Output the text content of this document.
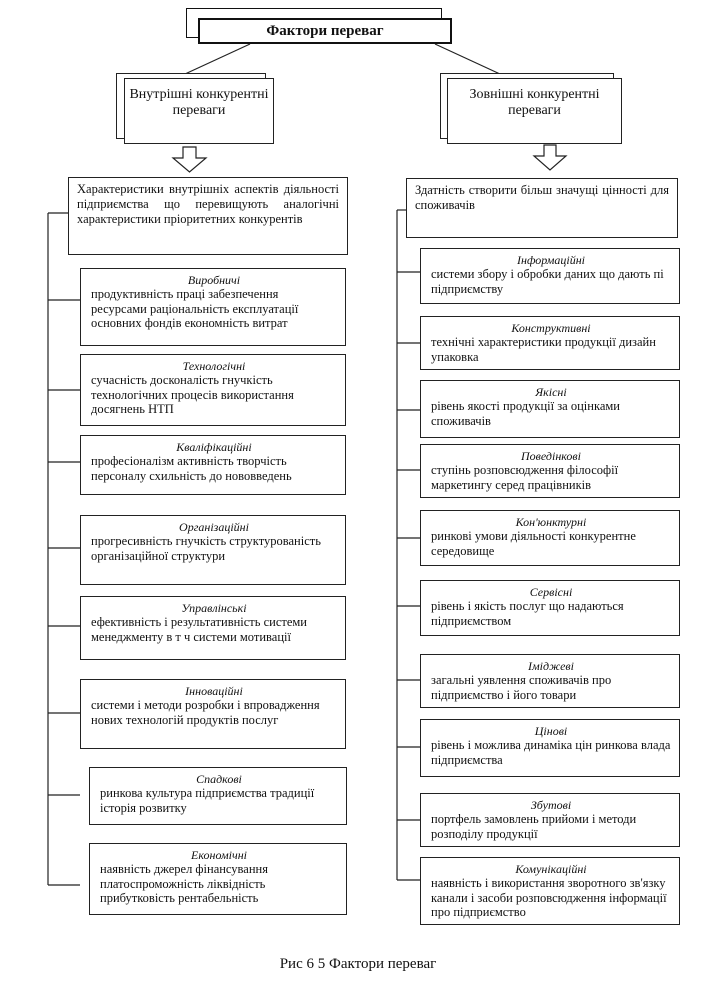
Фактори переваг
Внутрішні конкурентні переваги
Зовнішні конкурентні переваги
Характеристики внутрішніх аспектів діяльності підприємства що перевищують аналогічні характеристики пріоритетних конкурентів
Здатність створити більш значущі цінності для споживачів
Виробничі
продуктивність праці забезпечення ресурсами раціональність експлуатації основних фондів економність витрат
Технологічні
сучасність досконалість гнучкість технологічних процесів використання досягнень НТП
Кваліфікаційні
професіоналізм активність творчість персоналу схильність до нововведень
Організаційні
прогресивність гнучкість структурованість організаційної структури
Управлінські
ефективність і результативність системи менеджменту в т ч системи мотивації
Інноваційні
системи і методи розробки і впровадження нових технологій продуктів послуг
Спадкові
ринкова культура підприємства традиції історія розвитку
Економічні
наявність джерел фінансування платоспроможність ліквідність прибутковість рентабельність
Інформаційні
системи збору і обробки даних що дають пі підприємству
Конструктивні
технічні характеристики продукції дизайн упаковка
Якісні
рівень якості продукції за оцінками споживачів
Поведінкові
ступінь розповсюдження філософії маркетингу серед працівників
Кон'юнктурні
ринкові умови діяльності конкурентне середовище
Сервісні
рівень і якість послуг що надаються підприємством
Іміджеві
загальні уявлення споживачів про підприємство і його товари
Цінові
рівень і можлива динаміка цін ринкова влада підприємства
Збутові
портфель замовлень прийоми і методи розподілу продукції
Комунікаційні
наявність і використання зворотного зв'язку канали і засоби розповсюдження інформації про підприємство
Рис 6 5 Фактори переваг
